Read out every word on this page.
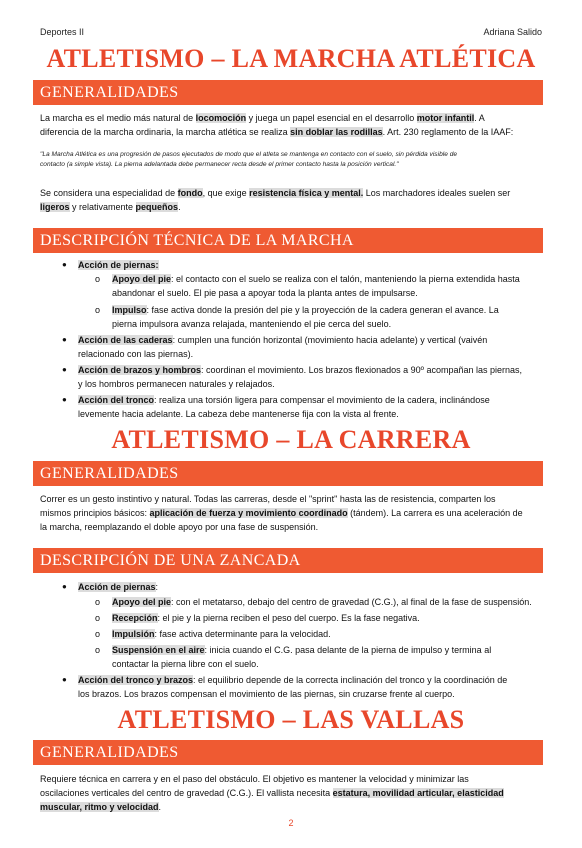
Deportes II	Adriana Salido
ATLETISMO – LA MARCHA ATLÉTICA
GENERALIDADES
La marcha es el medio más natural de locomoción y juega un papel esencial en el desarrollo motor infantil. A
diferencia de la marcha ordinaria, la marcha atlética se realiza sin doblar las rodillas. Art. 230 reglamento de la IAAF:
"La Marcha Atlética es una progresión de pasos ejecutados de modo que el atleta se mantenga en contacto con el suelo, sin pérdida visible de
contacto (a simple vista). La pierna adelantada debe permanecer recta desde el primer contacto hasta la posición vertical."
Se considera una especialidad de fondo, que exige resistencia física y mental. Los marchadores ideales suelen ser
ligeros y relativamente pequeños.
DESCRIPCIÓN TÉCNICA DE LA MARCHA
● Acción de piernas:
o Apoyo del pie: el contacto con el suelo se realiza con el talón, manteniendo la pierna extendida hasta
abandonar el suelo. El pie pasa a apoyar toda la planta antes de impulsarse.
o Impulso: fase activa donde la presión del pie y la proyección de la cadera generan el avance. La
pierna impulsora avanza relajada, manteniendo el pie cerca del suelo.
● Acción de las caderas: cumplen una función horizontal (movimiento hacia adelante) y vertical (vaivén
relacionado con las piernas).
● Acción de brazos y hombros: coordinan el movimiento. Los brazos flexionados a 90º acompañan las piernas,
y los hombros permanecen naturales y relajados.
● Acción del tronco: realiza una torsión ligera para compensar el movimiento de la cadera, inclinándose
levemente hacia adelante. La cabeza debe mantenerse fija con la vista al frente.
ATLETISMO – LA CARRERA
GENERALIDADES
Correr es un gesto instintivo y natural. Todas las carreras, desde el "sprint" hasta las de resistencia, comparten los
mismos principios básicos: aplicación de fuerza y movimiento coordinado (tándem). La carrera es una aceleración de
la marcha, reemplazando el doble apoyo por una fase de suspensión.
DESCRIPCIÓN DE UNA ZANCADA
● Acción de piernas:
o Apoyo del pie: con el metatarso, debajo del centro de gravedad (C.G.), al final de la fase de suspensión.
o Recepción: el pie y la pierna reciben el peso del cuerpo. Es la fase negativa.
o Impulsión: fase activa determinante para la velocidad.
o Suspensión en el aire: inicia cuando el C.G. pasa delante de la pierna de impulso y termina al
contactar la pierna libre con el suelo.
● Acción del tronco y brazos: el equilibrio depende de la correcta inclinación del tronco y la coordinación de
los brazos. Los brazos compensan el movimiento de las piernas, sin cruzarse frente al cuerpo.
ATLETISMO – LAS VALLAS
GENERALIDADES
Requiere técnica en carrera y en el paso del obstáculo. El objetivo es mantener la velocidad y minimizar las
oscilaciones verticales del centro de gravedad (C.G.). El vallista necesita estatura, movilidad articular, elasticidad
muscular, ritmo y velocidad.
2
